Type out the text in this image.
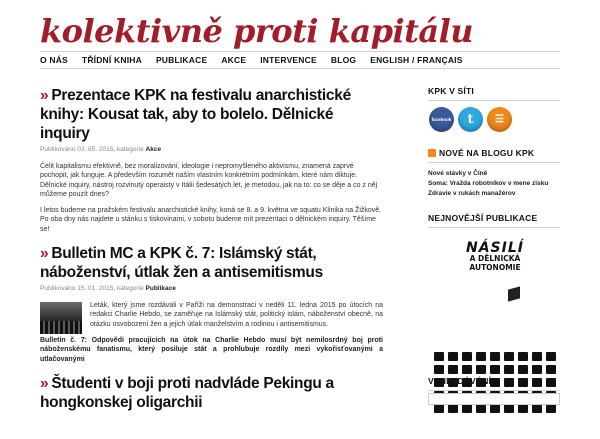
kolektivně proti kapitálu
O NÁS TŘÍDNÍ KNIHA PUBLIKACE AKCE INTERVENCE BLOG ENGLISH / FRANÇAIS
» Prezentace KPK na festivalu anarchistické knihy: Kousat tak, aby to bolelo. Dělnické inquiry
Publikováno 03. 05. 2015, kategorie Akce

Čelit kapitalismu efektivně, bez moralizování, ideologie i nepromyšleného aktivismu, znamená zaprvé pochopit, jak funguje. A především rozumět naším vlastním konkrétním podmínkám, které nám diktuje. Dělnické inquiry, nástroj rozvinutý operaisty v Itálii šedesátých let, je metodou, jak na to: co se děje a co z něj můžeme pouzít dnes?

I letos budeme na pražském festivalu anarchistické knihy, koná se 8. a 9. května ve squatu Klinika na Žižkově. Po oba dny nás najdete u stánku s tiskovinami, v sobotu budeme mít prezentaci o dělnickém inquiry. Těšíme se!

» Bulletin MC a KPK č. 7: Islámský stát, náboženství, útlak žen a antisemitismus
Publikováno 15. 01. 2015, kategorie Publikace

Leták, který jsme rozdávali v Paříži na demonstraci v neděli 11. ledna 2015 po útocích na redakci Charlie Hebdo, se zaměřuje na Islámský stát, politický islám, náboženství obecně, na otázku osvobození žen a jejich útlak manželstvím a rodinou i antisemitismus.

Bulletin č. 7: Odpovědi pracujících na útok na Charlie Hebdo musí být nemilosrdný boj proti náboženskému fanatismu, který posiluje stát a prohlubuje rozdíly mezi vykořisťovanými a utlačovanými

» Študenti v boji proti nadvláde Pekingu a hongkonskej oligarchii
KPK V SÍTI
facebook	t	☰
NOVÉ NA BLOGU KPK
Nové stávky v Číně
Soma: Vražda robotníkov v mene zisku
Zdravie v rukách manažérov
NEJNOVĚJŠÍ PUBLIKACE
NÁSILÍ
A DĚLNICKÁ
AUTONOMIE
VYHLEDÁVÁNÍ
